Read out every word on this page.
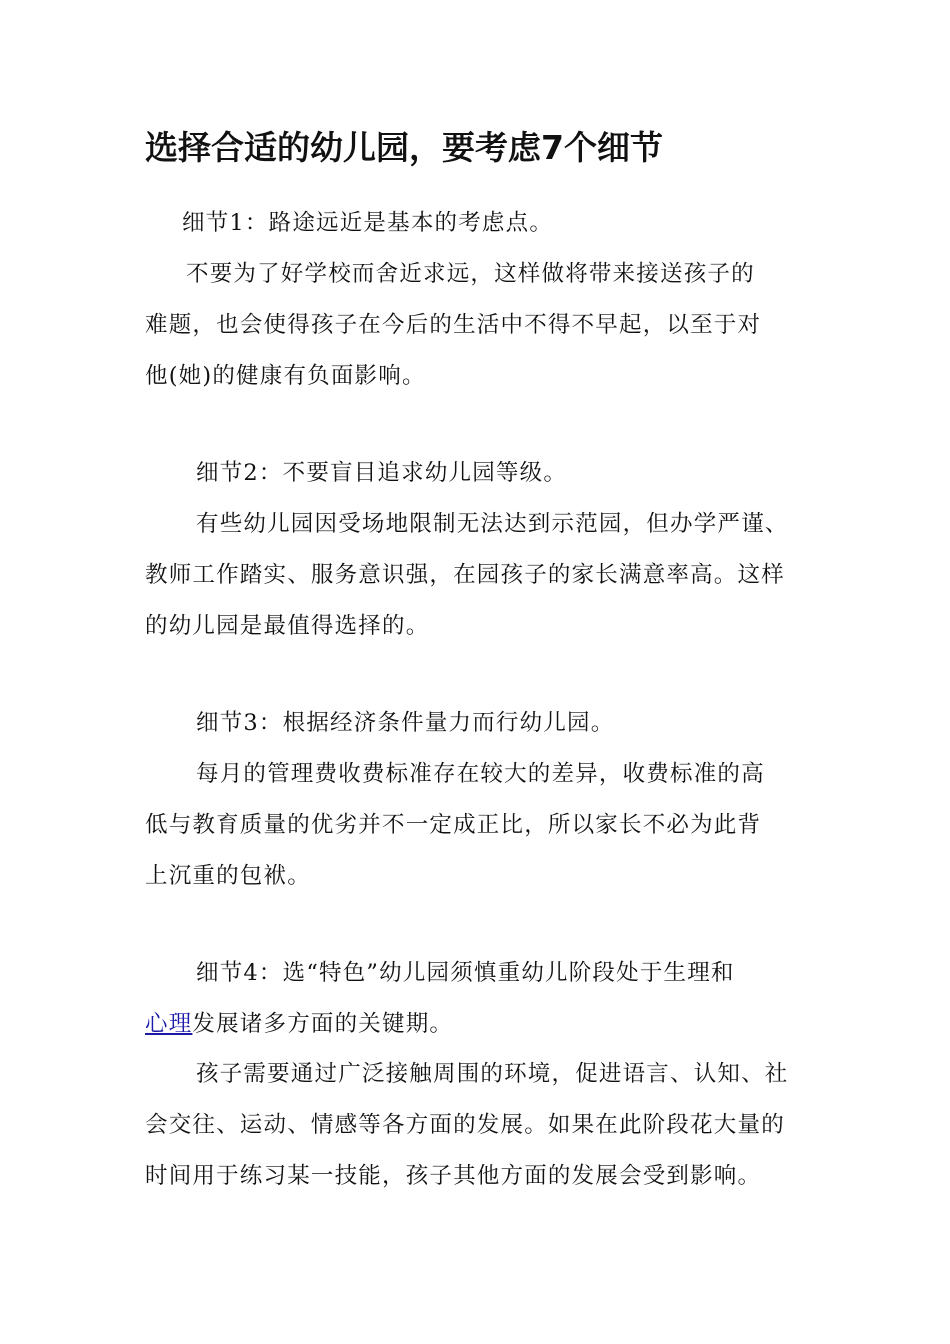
选择合适的幼儿园，要考虑7个细节
细节1：路途远近是基本的考虑点。
不要为了好学校而舍近求远，这样做将带来接送孩子的
难题，也会使得孩子在今后的生活中不得不早起，以至于对
他(她)的健康有负面影响。
细节2：不要盲目追求幼儿园等级。
有些幼儿园因受场地限制无法达到示范园，但办学严谨、
教师工作踏实、服务意识强，在园孩子的家长满意率高。这样
的幼儿园是最值得选择的。
细节3：根据经济条件量力而行幼儿园。
每月的管理费收费标准存在较大的差异，收费标准的高
低与教育质量的优劣并不一定成正比，所以家长不必为此背
上沉重的包袱。
细节4：选“特色”幼儿园须慎重幼儿阶段处于生理和
心理发展诸多方面的关键期。
孩子需要通过广泛接触周围的环境，促进语言、认知、社
会交往、运动、情感等各方面的发展。如果在此阶段花大量的
时间用于练习某一技能，孩子其他方面的发展会受到影响。
